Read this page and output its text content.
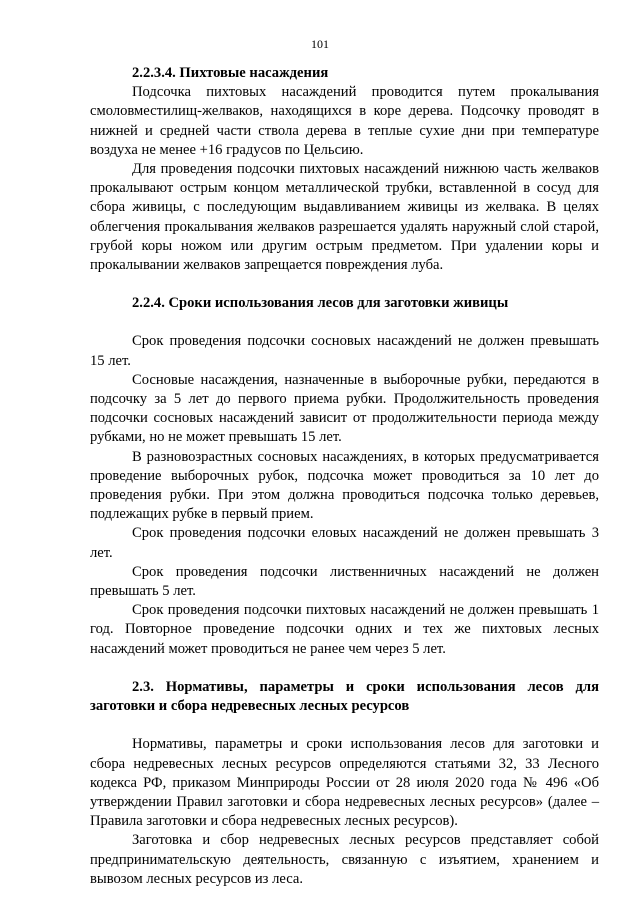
101
2.2.3.4. Пихтовые насаждения

Подсочка пихтовых насаждений проводится путем прокалывания смоловместилищ-желваков, находящихся в коре дерева. Подсочку проводят в нижней и средней части ствола дерева в теплые сухие дни при температуре воздуха не менее +16 градусов по Цельсию.

Для проведения подсочки пихтовых насаждений нижнюю часть желваков прокалывают острым концом металлической трубки, вставленной в сосуд для сбора живицы, с последующим выдавливанием живицы из желвака. В целях облегчения прокалывания желваков разрешается удалять наружный слой старой, грубой коры ножом или другим острым предметом. При удалении коры и прокалывании желваков запрещается повреждения луба.

2.2.4. Сроки использования лесов для заготовки живицы

Срок проведения подсочки сосновых насаждений не должен превышать 15 лет.

Сосновые насаждения, назначенные в выборочные рубки, передаются в подсочку за 5 лет до первого приема рубки. Продолжительность проведения подсочки сосновых насаждений зависит от продолжительности периода между рубками, но не может превышать 15 лет.

В разновозрастных сосновых насаждениях, в которых предусматривается проведение выборочных рубок, подсочка может проводиться за 10 лет до проведения рубки. При этом должна проводиться подсочка только деревьев, подлежащих рубке в первый прием.

Срок проведения подсочки еловых насаждений не должен превышать 3 лет.

Срок проведения подсочки лиственничных насаждений не должен превышать 5 лет.

Срок проведения подсочки пихтовых насаждений не должен превышать 1 год. Повторное проведение подсочки одних и тех же пихтовых лесных насаждений может проводиться не ранее чем через 5 лет.

2.3. Нормативы, параметры и сроки использования лесов для заготовки и сбора недревесных лесных ресурсов

Нормативы, параметры и сроки использования лесов для заготовки и сбора недревесных лесных ресурсов определяются статьями 32, 33 Лесного кодекса РФ, приказом Минприроды России от 28 июля 2020 года № 496 «Об утверждении Правил заготовки и сбора недревесных лесных ресурсов» (далее – Правила заготовки и сбора недревесных лесных ресурсов).

Заготовка и сбор недревесных лесных ресурсов представляет собой предпринимательскую деятельность, связанную с изъятием, хранением и вывозом лесных ресурсов из леса.
